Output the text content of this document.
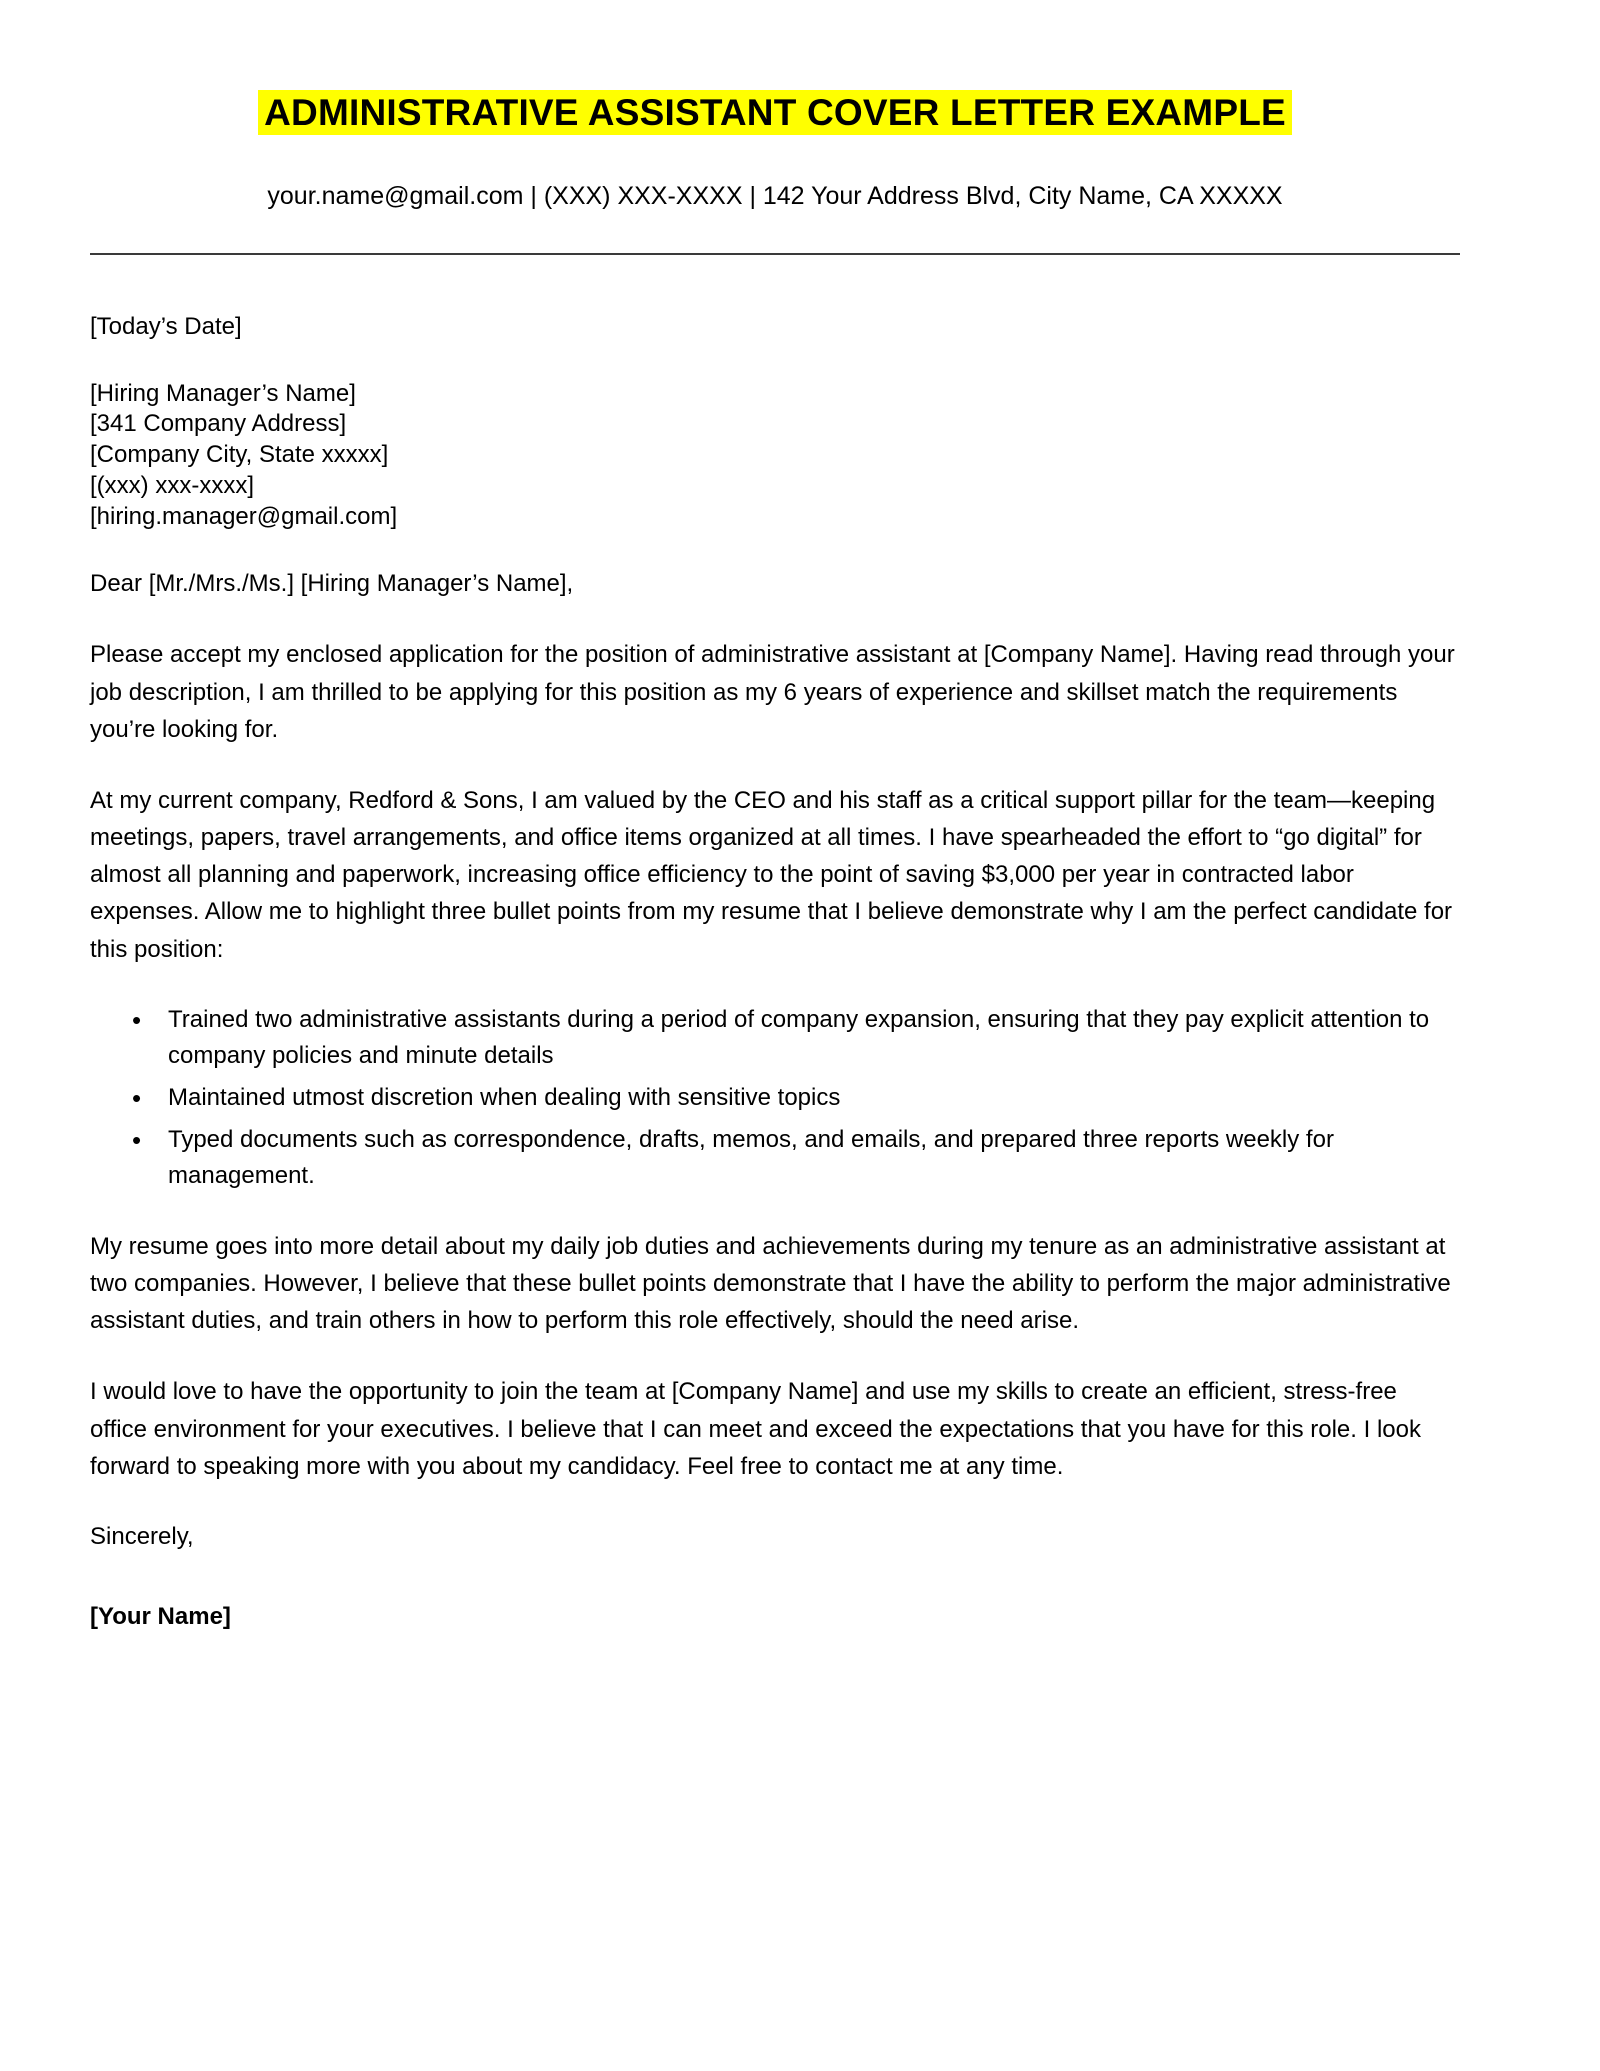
ADMINISTRATIVE ASSISTANT COVER LETTER EXAMPLE
your.name@gmail.com | (XXX) XXX-XXXX | 142 Your Address Blvd, City Name, CA XXXXX
[Today’s Date]
[Hiring Manager’s Name]
[341 Company Address]
[Company City, State xxxxx]
[(xxx) xxx-xxxx]
[hiring.manager@gmail.com]
Dear [Mr./Mrs./Ms.] [Hiring Manager’s Name],

Please accept my enclosed application for the position of administrative assistant at [Company Name]. Having read through your job description, I am thrilled to be applying for this position as my 6 years of experience and skillset match the requirements you’re looking for.

At my current company, Redford & Sons, I am valued by the CEO and his staff as a critical support pillar for the team—keeping meetings, papers, travel arrangements, and office items organized at all times. I have spearheaded the effort to “go digital” for almost all planning and paperwork, increasing office efficiency to the point of saving $3,000 per year in contracted labor expenses. Allow me to highlight three bullet points from my resume that I believe demonstrate why I am the perfect candidate for this position:

• Trained two administrative assistants during a period of company expansion, ensuring that they pay explicit attention to company policies and minute details
• Maintained utmost discretion when dealing with sensitive topics
• Typed documents such as correspondence, drafts, memos, and emails, and prepared three reports weekly for management.

My resume goes into more detail about my daily job duties and achievements during my tenure as an administrative assistant at two companies. However, I believe that these bullet points demonstrate that I have the ability to perform the major administrative assistant duties, and train others in how to perform this role effectively, should the need arise.

I would love to have the opportunity to join the team at [Company Name] and use my skills to create an efficient, stress-free office environment for your executives. I believe that I can meet and exceed the expectations that you have for this role. I look forward to speaking more with you about my candidacy. Feel free to contact me at any time.

Sincerely,
[Your Name]
